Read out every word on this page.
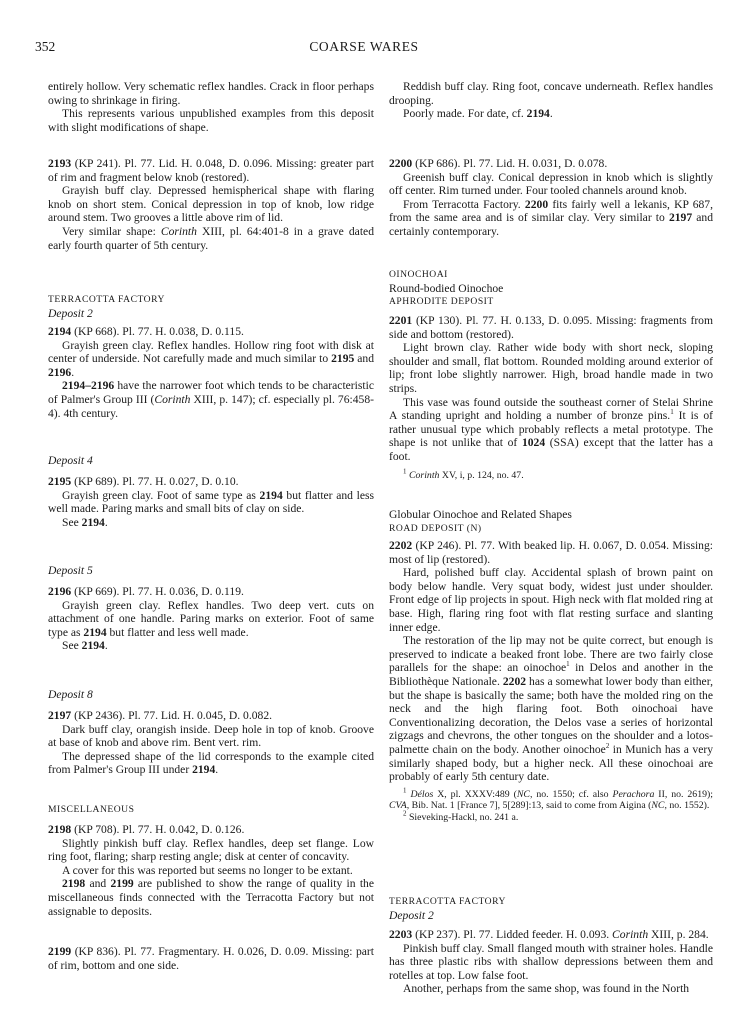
352	COARSE WARES

entirely hollow. Very schematic reflex handles. Crack in floor perhaps owing to shrinkage in firing.

This represents various unpublished examples from this deposit with slight modifications of shape.

2193 (KP 241). Pl. 77. Lid. H. 0.048, D. 0.096. Missing: greater part of rim and fragment below knob (restored).

Grayish buff clay. Depressed hemispherical shape with flaring knob on short stem. Conical depression in top of knob, low ridge around stem. Two grooves a little above rim of lid.

Very similar shape: Corinth XIII, pl. 64:401-8 in a grave dated early fourth quarter of 5th century.

TERRACOTTA FACTORY
Deposit 2

2194 (KP 668). Pl. 77. H. 0.038, D. 0.115.

Grayish green clay. Reflex handles. Hollow ring foot with disk at center of underside. Not carefully made and much similar to 2195 and 2196.

2194–2196 have the narrower foot which tends to be characteristic of Palmer's Group III (Corinth XIII, p. 147); cf. especially pl. 76:458-4). 4th century.

Deposit 4

2195 (KP 689). Pl. 77. H. 0.027, D. 0.10.

Grayish green clay. Foot of same type as 2194 but flatter and less well made. Paring marks and small bits of clay on side.

See 2194.

Deposit 5

2196 (KP 669). Pl. 77. H. 0.036, D. 0.119.

Grayish green clay. Reflex handles. Two deep vert. cuts on attachment of one handle. Paring marks on exterior. Foot of same type as 2194 but flatter and less well made.

See 2194.

Deposit 8

2197 (KP 2436). Pl. 77. Lid. H. 0.045, D. 0.082.

Dark buff clay, orangish inside. Deep hole in top of knob. Groove at base of knob and above rim. Bent vert. rim.

The depressed shape of the lid corresponds to the example cited from Palmer's Group III under 2194.

MISCELLANEOUS

2198 (KP 708). Pl. 77. H. 0.042, D. 0.126.

Slightly pinkish buff clay. Reflex handles, deep set flange. Low ring foot, flaring; sharp resting angle; disk at center of concavity.

A cover for this was reported but seems no longer to be extant.

2198 and 2199 are published to show the range of quality in the miscellaneous finds connected with the Terracotta Factory but not assignable to deposits.

2199 (KP 836). Pl. 77. Fragmentary. H. 0.026, D. 0.09. Missing: part of rim, bottom and one side.

Reddish buff clay. Ring foot, concave underneath. Reflex handles drooping.

Poorly made. For date, cf. 2194.

2200 (KP 686). Pl. 77. Lid. H. 0.031, D. 0.078.

Greenish buff clay. Conical depression in knob which is slightly off center. Rim turned under. Four tooled channels around knob.

From Terracotta Factory. 2200 fits fairly well a lekanis, KP 687, from the same area and is of similar clay. Very similar to 2197 and certainly contemporary.

OINOCHOAI
Round-bodied Oinochoe
APHRODITE DEPOSIT

2201 (KP 130). Pl. 77. H. 0.133, D. 0.095. Missing: fragments from side and bottom (restored).

Light brown clay. Rather wide body with short neck, sloping shoulder and small, flat bottom. Rounded molding around exterior of lip; front lobe slightly narrower. High, broad handle made in two strips.

This vase was found outside the southeast corner of Stelai Shrine A standing upright and holding a number of bronze pins.$^1$ It is of rather unusual type which probably reflects a metal prototype. The shape is not unlike that of 1024 (SSA) except that the latter has a foot.

$^1$ Corinth XV, i, p. 124, no. 47.

Globular Oinochoe and Related Shapes
ROAD DEPOSIT (N)

2202 (KP 246). Pl. 77. With beaked lip. H. 0.067, D. 0.054. Missing: most of lip (restored).

Hard, polished buff clay. Accidental splash of brown paint on body below handle. Very squat body, widest just under shoulder. Front edge of lip projects in spout. High neck with flat molded ring at base. High, flaring ring foot with flat resting surface and slanting inner edge.

The restoration of the lip may not be quite correct, but enough is preserved to indicate a beaked front lobe. There are two fairly close parallels for the shape: an oinochoe$^1$ in Delos and another in the Bibliothèque Nationale. 2202 has a somewhat lower body than either, but the shape is basically the same; both have the molded ring on the neck and the high flaring foot. Both oinochoai have Conventionalizing decoration, the Delos vase a series of horizontal zigzags and chevrons, the other tongues on the shoulder and a lotos-palmette chain on the body. Another oinochoe$^2$ in Munich has a very similarly shaped body, but a higher neck. All these oinochoai are probably of early 5th century date.

$^1$ Délos X, pl. XXXV:489 (NC, no. 1550; cf. also Perachora II, no. 2619); CVA, Bib. Nat. 1 [France 7], 5[289]:13, said to come from Aigina (NC, no. 1552).

$^2$ Sieveking-Hackl, no. 241 a.

TERRACOTTA FACTORY
Deposit 2

2203 (KP 237). Pl. 77. Lidded feeder. H. 0.093. Corinth XIII, p. 284.

Pinkish buff clay. Small flanged mouth with strainer holes. Handle has three plastic ribs with shallow depressions between them and rotelles at top. Low false foot.

Another, perhaps from the same shop, was found in the North
